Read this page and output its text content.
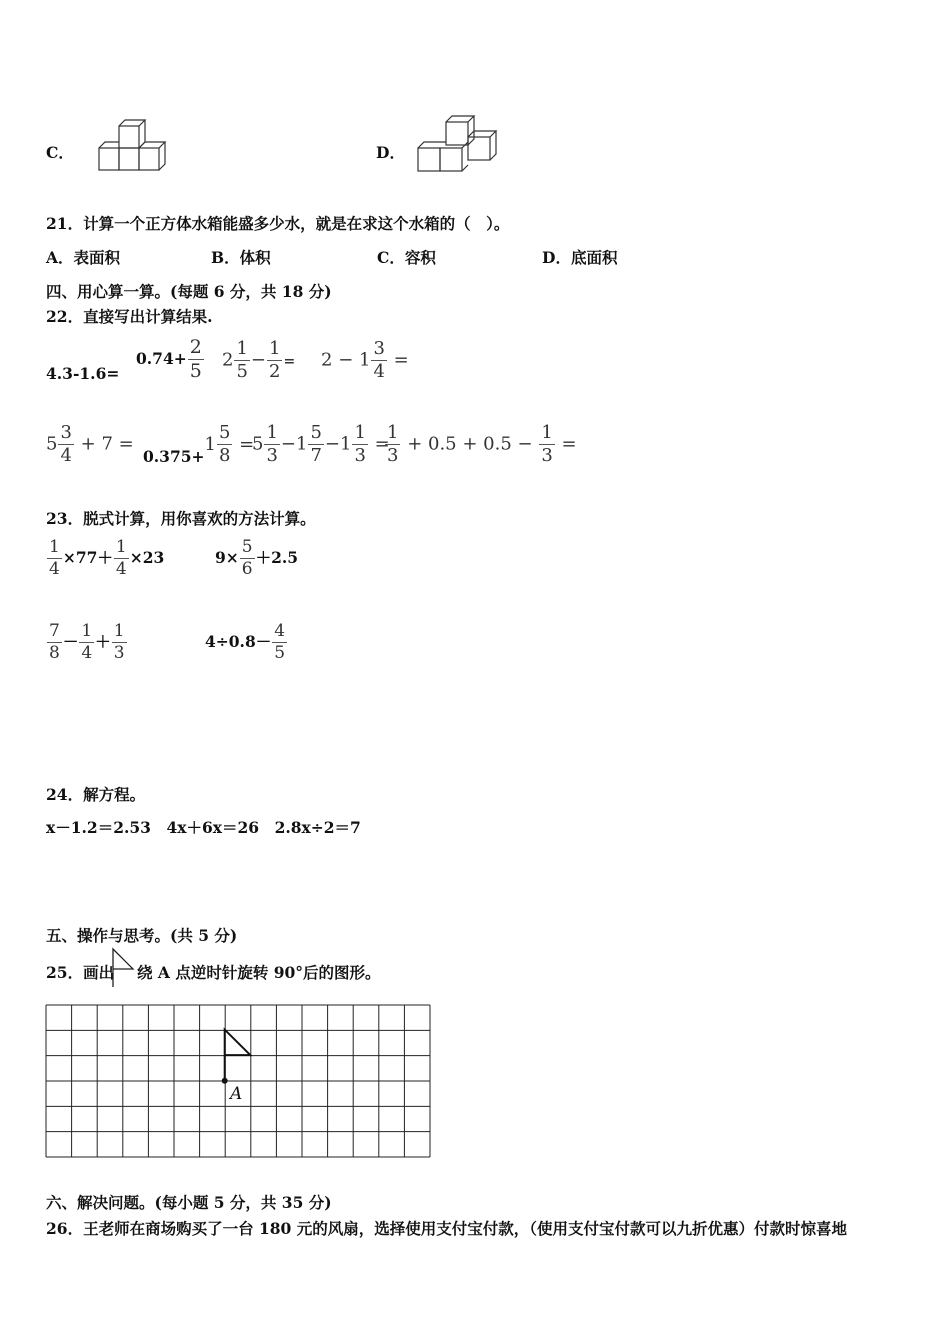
C．	D．
21．计算一个正方体水箱能盛多少水，就是在求这个水箱的（　）。
A．表面积	B．体积	C．容积	D．底面积
四、用心算一算。(每题 6 分，共 18 分)
22．直接写出计算结果.
4.3-1.6=
$0.74+ \frac{2}{5} 2 \frac{1}{5} - \frac{1}{2} = 2 - 1 \frac{3}{4}$ =
$5 \frac{3}{4} + 7$ =
$0.375+1 \frac{5}{8}$ =
$5 \frac{1}{3} -1 \frac{5}{7} -1 \frac{1}{3}$ =
$\frac{1}{3} + 0.5 + 0.5 - \frac{1}{3}$ =
23．脱式计算，用你喜欢的方法计算。
$\frac{1}{4} \times 77+ \frac{1}{4} \times 23$	$9\times \frac{5}{6} +2.5$
$\frac{7}{8} - \frac{1}{4} + \frac{1}{3}$	$4\div 0.8- \frac{4}{5}$
24．解方程。
x－1.2＝2.53　4x＋6x＝26　2.8x÷2＝7
五、操作与思考。(共 5 分)
25．画出 绕 A 点逆时针旋转 90°后的图形。
A
六、解决问题。(每小题 5 分，共 35 分)
26．王老师在商场购买了一台 180 元的风扇，选择使用支付宝付款，（使用支付宝付款可以九折优惠）付款时惊喜地
